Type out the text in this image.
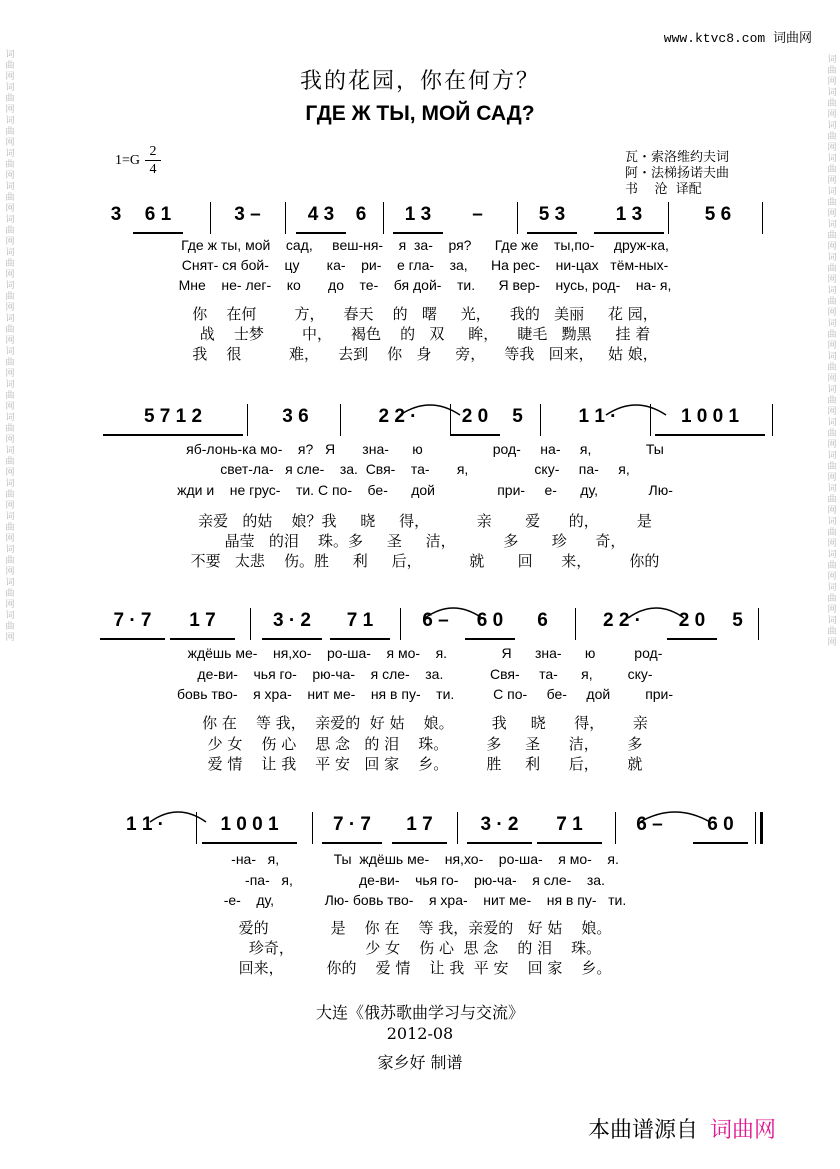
词
曲
网
词
曲
网
词
曲
网
词
曲
网
词
曲
网
词
曲
网
词
曲
网
词
曲
网
词
曲
网
词
曲
网
词
曲
网
词
曲
网
词
曲
网
词
曲
网
词
曲
网
词
曲
网
词
曲
网
词
曲
网

词
曲
网
词
曲
网
词
曲
网
词
曲
网
词
曲
网
词
曲
网
词
曲
网
词
曲
网
词
曲
网
词
曲
网
词
曲
网
词
曲
网
词
曲
网
词
曲
网
词
曲
网
词
曲
网
词
曲
网
词
曲
网

www.ktvc8.com 词曲网
我的花园，你在何方？
ГДЕ Ж ТЫ, МОЙ САД?
1=G
2
4
瓦・索洛维约夫词
阿・法梯扬诺夫曲
书    沧  译配
3	6 1	3 –	4 3	6	1 3	–	5 3	1 3	5 6
Где ж ты, мой    сад,     веш-ня-    я  за-    ря?      Где же    ты,по-     друж-ка,
Снят- ся бой-    цу       ка-    ри-    е гла-    за,      На рес-    ни-цах   тём-ных-
Мне    не- лег-    ко       до    те-    бя дой-    ти.      Я вер-    нусь, род-    на- я,
你    在何        方，    春天    的   曙     光，    我的   美丽     花 园，
战    士梦        中，    褐色    的   双     眸，    睫毛   黝黑     挂 着
我    很          难，    去到    你   身     旁，    等我   回来，   姑 娘，
5 7 1 2	3 6	2 2 ·	2 0	5	1 1 ·	1 0 0 1
яб-лонь-ка мо-    я?   Я       зна-      ю                  род-     на-     я,              Ты
свет-ла-   я сле-    за.  Свя-    та-       я,                 ску-     па-     я,
жди и    не грус-    ти. С по-    бе-      дой                при-     е-      ду,             Лю-
亲爱   的姑    娘？我     晓     得，          亲       爱      的，        是
晶莹   的泪    珠。多     圣     洁，          多       珍      奇，
不要   太悲    伤。胜     利     后，          就       回      来，        你的
7 · 7	1 7	3 · 2	7 1	6 –	6 0	6	2 2 ·	2 0	5
ждёшь ме-    ня,хо-    ро-ша-    я мо-    я.              Я      зна-      ю          род-
де-ви-    чья го-    рю-ча-    я сле-    за.            Свя-     та-      я,         ску-
бовь тво-    я хра-    нит ме-    ня в пу-    ти.          С по-     бе-     дой         при-
你 在    等 我，  亲爱的  好 姑    娘。        我     晓      得，      亲
少 女    伤 心    思 念   的 泪    珠。        多     圣      洁，      多
爱 情    让 我    平 安   回 家    乡。        胜     利      后，      就
1 1 ·	1 0 0 1	7 · 7	1 7	3 · 2	7 1	6 –	6 0
-на-   я,              Ты  ждёшь ме-    ня,хо-    ро-ша-    я мо-    я.
-па-   я,                 де-ви-    чья го-    рю-ча-    я сле-    за.
-е-    ду,             Лю- бовь тво-    я хра-    нит ме-    ня в пу-   ти.
爱的             是    你 在    等 我，亲爱的   好 姑    娘。
珍奇，               少 女    伤 心  思 念    的 泪    珠。
回来，         你的    爱 情    让 我  平 安    回 家    乡。
大连《俄苏歌曲学习与交流》
2012-08
家乡好 制谱
本曲谱源自 词曲网
